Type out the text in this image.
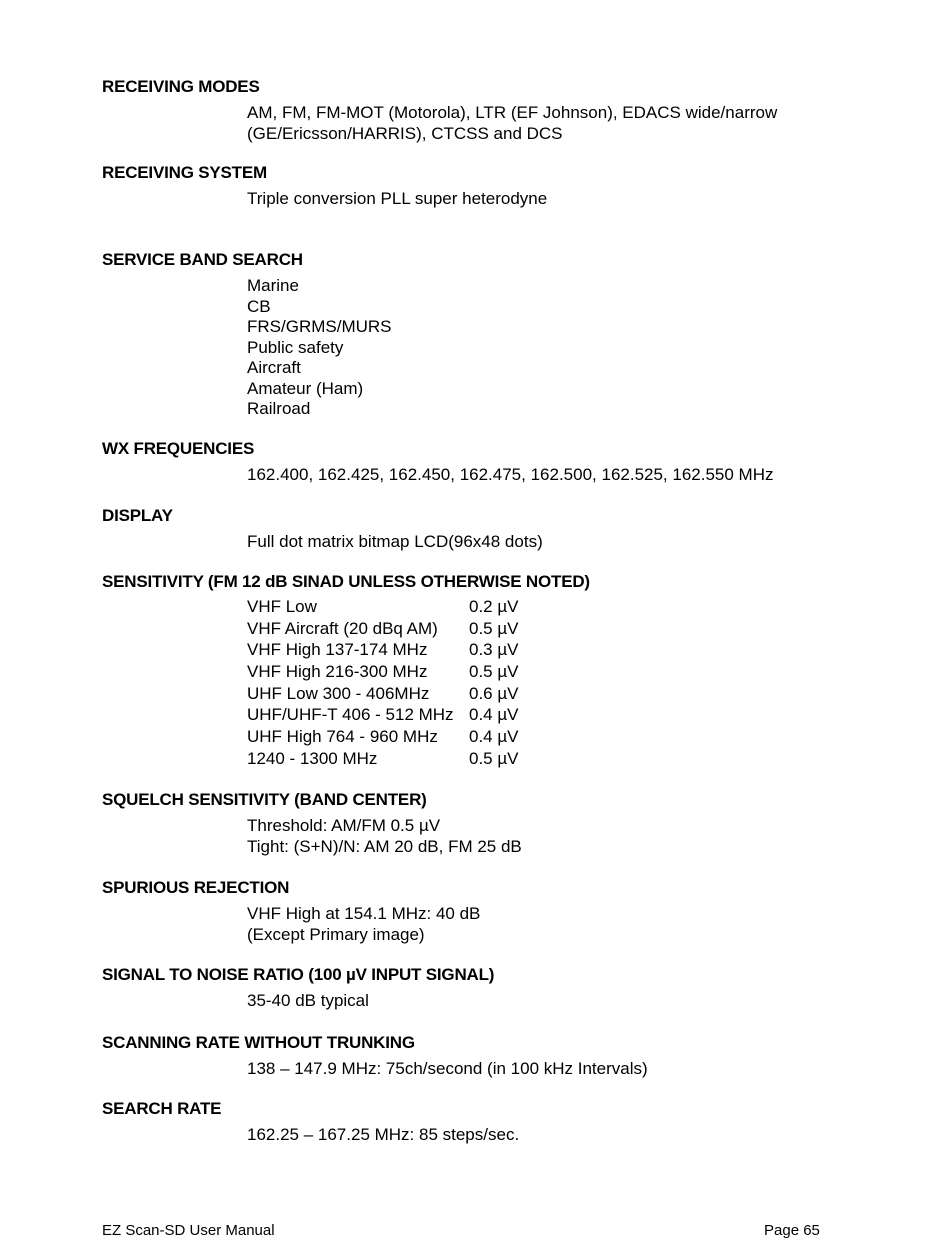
RECEIVING MODES
AM, FM, FM-MOT (Motorola), LTR (EF Johnson), EDACS wide/narrow
(GE/Ericsson/HARRIS), CTCSS and DCS
RECEIVING SYSTEM
Triple conversion PLL super heterodyne
SERVICE BAND SEARCH
Marine
CB
FRS/GRMS/MURS
Public safety
Aircraft
Amateur (Ham)
Railroad
WX FREQUENCIES
162.400, 162.425, 162.450, 162.475, 162.500, 162.525, 162.550 MHz
DISPLAY
Full dot matrix bitmap LCD(96x48 dots)
SENSITIVITY (FM 12 dB SINAD UNLESS OTHERWISE NOTED)
VHF Low	0.2 µV
VHF Aircraft (20 dBq AM)	0.5 µV
VHF High 137-174 MHz	0.3 µV
VHF High 216-300 MHz	0.5 µV
UHF Low 300 - 406MHz	0.6 µV
UHF/UHF-T 406 - 512 MHz	0.4 µV
UHF High 764 - 960 MHz	0.4 µV
1240 - 1300 MHz	0.5 µV
SQUELCH SENSITIVITY (BAND CENTER)
Threshold: AM/FM 0.5 µV
Tight: (S+N)/N: AM 20 dB, FM 25 dB
SPURIOUS REJECTION
VHF High at 154.1 MHz: 40 dB
(Except Primary image)
SIGNAL TO NOISE RATIO (100 µV INPUT SIGNAL)
35-40 dB typical
SCANNING RATE WITHOUT TRUNKING
138 – 147.9 MHz: 75ch/second (in 100 kHz Intervals)
SEARCH RATE
162.25 – 167.25 MHz: 85 steps/sec.
EZ Scan-SD User Manual	Page 65
